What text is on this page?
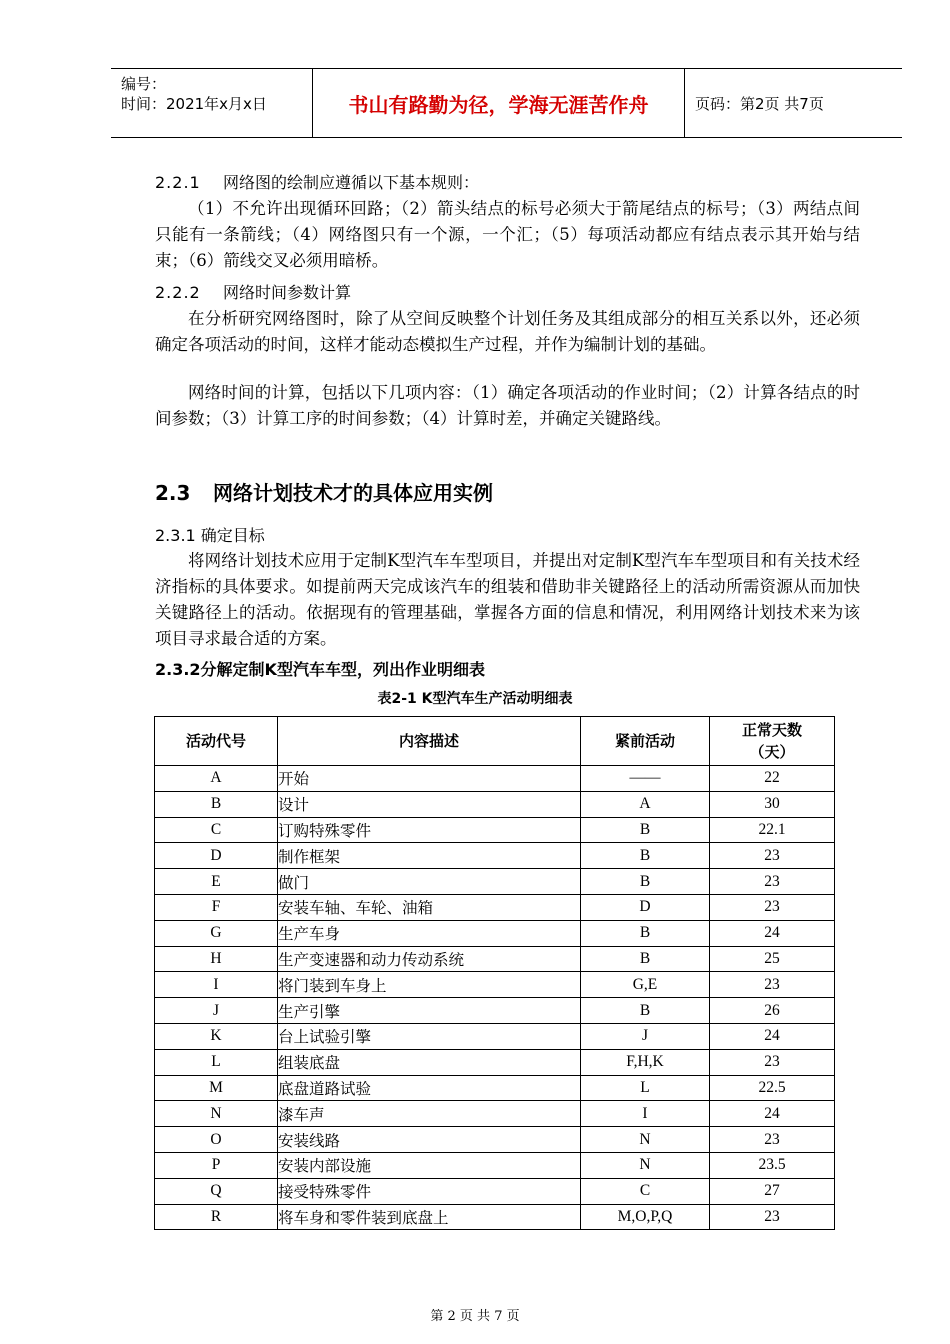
编号：
时间：2021年x月x日	书山有路勤为径，学海无涯苦作舟	页码：第2页 共7页
2.2.1 网络图的绘制应遵循以下基本规则：
（1）不允许出现循环回路；（2）箭头结点的标号必须大于箭尾结点的标号；（3）两结点间只能有一条箭线；（4）网络图只有一个源，一个汇；（5）每项活动都应有结点表示其开始与结束；（6）箭线交叉必须用暗桥。
2.2.2 网络时间参数计算
在分析研究网络图时，除了从空间反映整个计划任务及其组成部分的相互关系以外，还必须确定各项活动的时间，这样才能动态模拟生产过程，并作为编制计划的基础。
网络时间的计算，包括以下几项内容：（1）确定各项活动的作业时间；（2）计算各结点的时间参数；（3）计算工序的时间参数；（4）计算时差，并确定关键路线。
2.3 网络计划技术才的具体应用实例
2.3.1 确定目标
将网络计划技术应用于定制K型汽车车型项目，并提出对定制K型汽车车型项目和有关技术经济指标的具体要求。如提前两天完成该汽车的组装和借助非关键路径上的活动所需资源从而加快关键路径上的活动。依据现有的管理基础，掌握各方面的信息和情况，利用网络计划技术来为该项目寻求最合适的方案。
2.3.2分解定制K型汽车车型，列出作业明细表
表2-1 K型汽车生产活动明细表
活动代号	内容描述	紧前活动	正常天数
（天）
A	开始	——	22
B	设计	A	30
C	订购特殊零件	B	22.1
D	制作框架	B	23
E	做门	B	23
F	安装车轴、车轮、油箱	D	23
G	生产车身	B	24
H	生产变速器和动力传动系统	B	25
I	将门装到车身上	G,E	23
J	生产引擎	B	26
K	台上试验引擎	J	24
L	组装底盘	F,H,K	23
M	底盘道路试验	L	22.5
N	漆车声	I	24
O	安装线路	N	23
P	安装内部设施	N	23.5
Q	接受特殊零件	C	27
R	将车身和零件装到底盘上	M,O,P,Q	23
第 2 页 共 7 页
